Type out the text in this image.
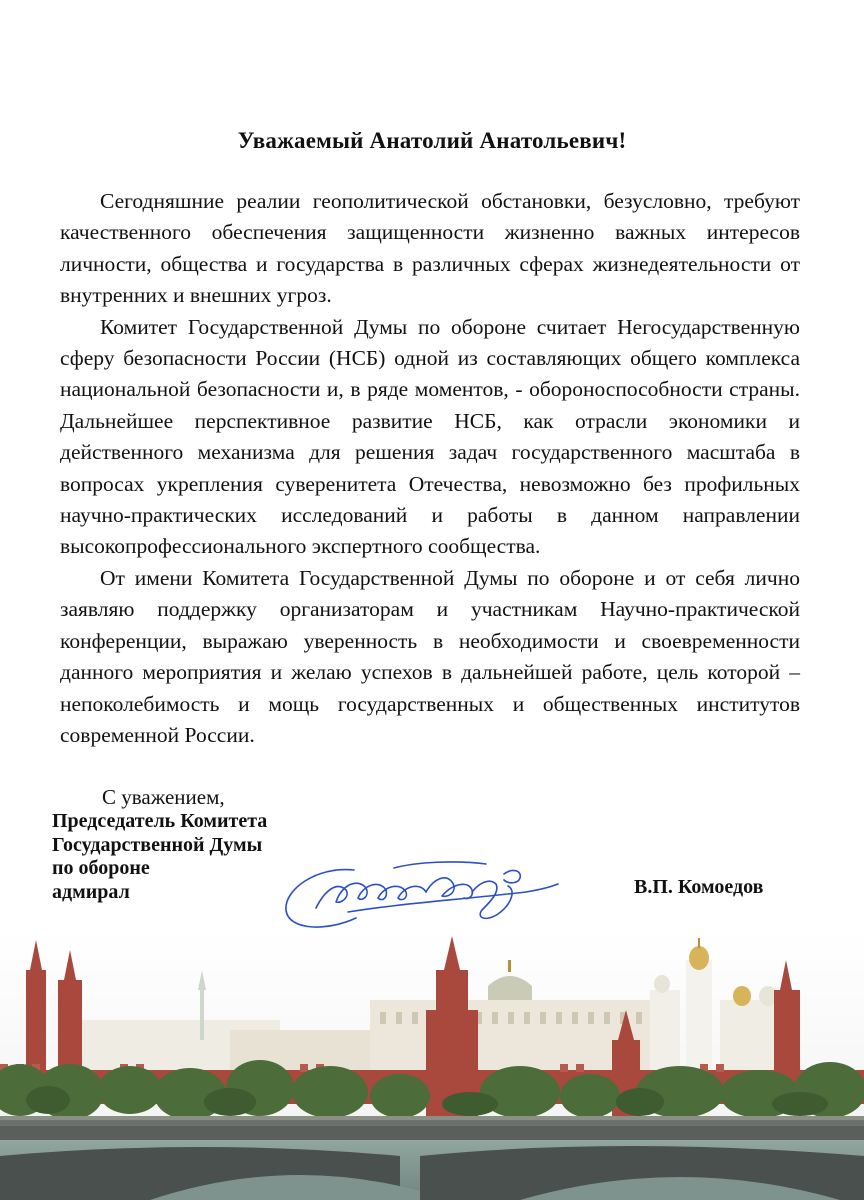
Уважаемый Анатолий Анатольевич!

Сегодняшние реалии геополитической обстановки, безусловно, требуют качественного обеспечения защищенности жизненно важных интересов личности, общества и государства в различных сферах жизнедеятельности от внутренних и внешних угроз.

Комитет Государственной Думы по обороне считает Негосударственную сферу безопасности России (НСБ) одной из составляющих общего комплекса национальной безопасности и, в ряде моментов, - обороноспособности страны. Дальнейшее перспективное развитие НСБ, как отрасли экономики и действенного механизма для решения задач государственного масштаба в вопросах укрепления суверенитета Отечества, невозможно без профильных научно-практических исследований и работы в данном направлении высокопрофессионального экспертного сообщества.

От имени Комитета Государственной Думы по обороне и от себя лично заявляю поддержку организаторам и участникам Научно-практической конференции, выражаю уверенность в необходимости и своевременности данного мероприятия и желаю успехов в дальнейшей работе, цель которой – непоколебимость и мощь государственных и общественных институтов современной России.

С уважением,
Председатель Комитета
Государственной Думы
по обороне
адмирал	В.П. Комоедов
